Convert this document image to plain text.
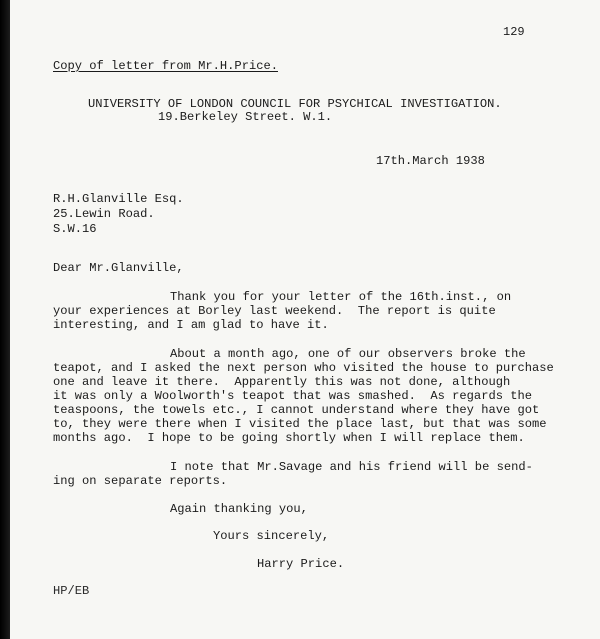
129
Copy of letter from Mr.H.Price.
UNIVERSITY OF LONDON COUNCIL FOR PSYCHICAL INVESTIGATION.
19.Berkeley Street. W.1.
17th.March 1938
R.H.Glanville Esq.
25.Lewin Road.
S.W.16
Dear Mr.Glanville,
Thank you for your letter of the 16th.inst., on
your experiences at Borley last weekend.  The report is quite
interesting, and I am glad to have it.
About a month ago, one of our observers broke the
teapot, and I asked the next person who visited the house to purchase
one and leave it there.  Apparently this was not done, although
it was only a Woolworth's teapot that was smashed.  As regards the
teaspoons, the towels etc., I cannot understand where they have got
to, they were there when I visited the place last, but that was some
months ago.  I hope to be going shortly when I will replace them.
I note that Mr.Savage and his friend will be send-
ing on separate reports.
Again thanking you,
Yours sincerely,
Harry Price.
HP/EB
